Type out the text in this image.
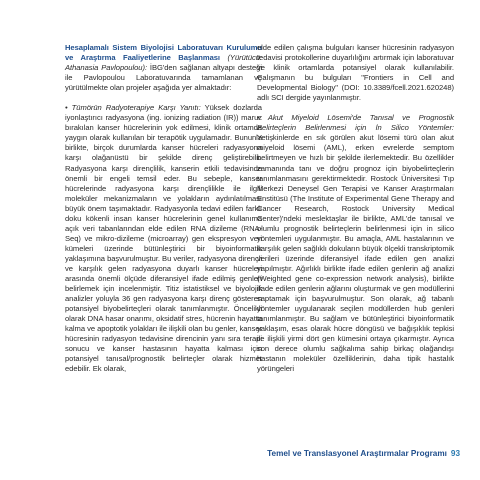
Hesaplamalı Sistem Biyolojisi Laboratuvarı Kurulumu ve Araştırma Faaliyetlerine Başlanması (Yürütücü: Athanasia Pavlopoulou): İBG'den sağlanan altyapı desteği ile Pavlopoulou Laboratuvarında tamamlanan ve yürütülmekte olan projeler aşağıda yer almaktadır:

• Tümörün Radyoterapiye Karşı Yanıtı: Yüksek dozlarda iyonlaştırıcı radyasyona (ing. ionizing radiation (IR)) maruz bırakılan kanser hücrelerinin yok edilmesi, klinik ortamda yaygın olarak kullanılan bir terapötik uygulamadır. Bununla birlikte, birçok durumlarda kanser hücreleri radyasyona karşı olağanüstü bir şekilde direnç geliştirebilir. Radyasyona karşı dirençlilik, kanserin etkili tedavisinde önemli bir engeli temsil eder. Bu sebeple, kanser hücrelerinde radyasyona karşı dirençlilikle ile ilgili moleküler mekanizmaların ve yolakların aydınlatılması büyük önem taşımaktadır. Radyasyonla tedavi edilen farklı doku kökenli insan kanser hücrelerinin genel kullanıma açık veri tabanlarından elde edilen RNA dizileme (RNA-Seq) ve mikro-dizileme (microarray) gen ekspresyon veri kümeleri üzerinde bütünleştirici bir biyoinformatik yaklaşımına başvurulmuştur. Bu veriler, radyasyona dirençli ve karşılık gelen radyasyona duyarlı kanser hücreleri arasında önemli ölçüde diferansiyel ifade edilmiş genleri belirlemek için incelenmiştir. Titiz istatistiksel ve biyolojik analizler yoluyla 36 gen radyasyona karşı direnç gösteren potansiyel biyobelirteçleri olarak tanımlanmıştır. Öncelikli olarak DNA hasar onarımı, oksidatif stres, hücrenin hayatta kalma ve apoptotik yolakları ile ilişkili olan bu genler, kanser hücresinin radyasyon tedavisine direncinin yanı sıra terapi sonucu ve kanser hastasının hayatta kalması için potansiyel tanısal/prognostik belirteçler olarak hizmet edebilir. Ek olarak,

elde edilen çalışma bulguları kanser hücresinin radyasyon tedavisi protokollerine duyarlılığını artırmak için laboratuvar ve klinik ortamlarda potansiyel olarak kullanılabilir. Çalışmanın bu bulguları "Frontiers in Cell and Developmental Biology" (DOI: 10.3389/fcell.2021.620248) adlı SCI dergide yayınlanmıştır.

• Akut Miyeloid Lösemi'de Tanısal ve Prognostik Belirteçlerin Belirlenmesi için İn Silico Yöntemler: Yetişkinlerde en sık görülen akut lösemi türü olan akut miyeloid lösemi (AML), erken evrelerde semptom belirtmeyen ve hızlı bir şekilde ilerlemektedir. Bu özellikler zamanında tanı ve doğru prognoz için biyobelirteçlerin tanımlanmasını gerektirmektedir. Rostock Üniversitesi Tıp Merkezi Deneysel Gen Terapisi ve Kanser Araştırmaları Enstitüsü (The Institute of Experimental Gene Therapy and Cancer Research, Rostock University Medical Center)'ndeki meslektaşlar ile birlikte, AML'de tanısal ve olumlu prognostik belirteçlerin belirlenmesi için in silico yöntemleri uygulanmıştır. Bu amaçla, AML hastalarının ve karşılık gelen sağlıklı dokuların büyük ölçekli transkriptomik verileri üzerinde diferansiyel ifade edilen gen analizi yapılmıştır. Ağırlıklı birlikte ifade edilen genlerin ağ analizi (Weighted gene co-expression network analysis), birlikte ifade edilen genlerin ağlarını oluşturmak ve gen modüllerini saptamak için başvurulmuştur. Son olarak, ağ tabanlı yöntemler uygulanarak seçilen modüllerden hub genleri tanımlanmıştır. Bu sağlam ve bütünleştirici biyoinformatik yaklaşım, esas olarak hücre döngüsü ve bağışıklık tepkisi ile ilişkili yirmi dört gen kümesini ortaya çıkarmıştır. Ayrıca son derece olumlu sağkalıma sahip birkaç olağandışı hastanın moleküler özelliklerinin, daha tipik hastalık yörüngeleri

Temel ve Translasyonel Araştırmalar Programı 93
